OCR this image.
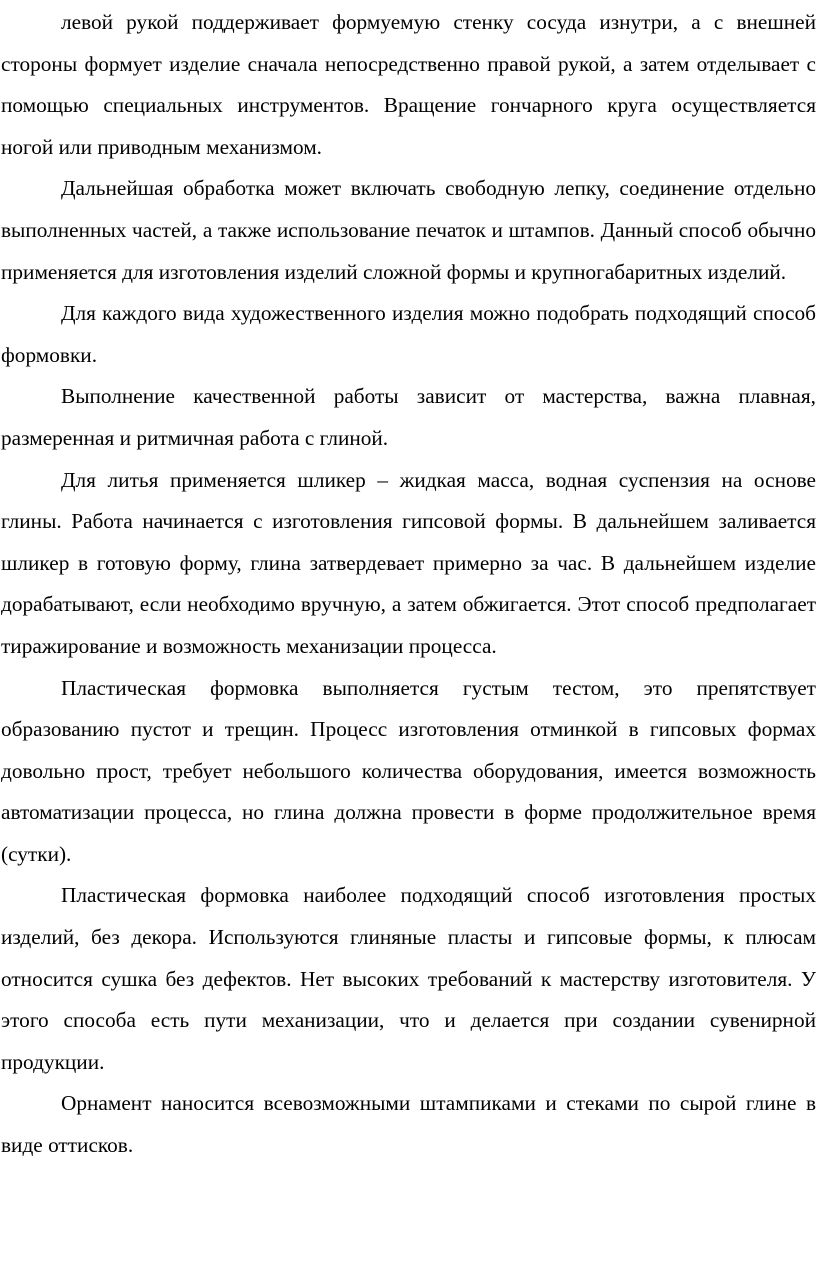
левой рукой поддерживает формуемую стенку сосуда изнутри, а с внешней стороны формует изделие сначала непосредственно правой рукой, а затем отделывает с помощью специальных инструментов. Вращение гончарного круга осуществляется ногой или приводным механизмом.

Дальнейшая обработка может включать свободную лепку, соединение отдельно выполненных частей, а также использование печаток и штампов. Данный способ обычно применяется для изготовления изделий сложной формы и крупногабаритных изделий.

Для каждого вида художественного изделия можно подобрать подходящий способ формовки.

Выполнение качественной работы зависит от мастерства, важна плавная, размеренная и ритмичная работа с глиной.

Для литья применяется шликер – жидкая масса, водная суспензия на основе глины. Работа начинается с изготовления гипсовой формы. В дальнейшем заливается шликер в готовую форму, глина затвердевает примерно за час. В дальнейшем изделие дорабатывают, если необходимо вручную, а затем обжигается. Этот способ предполагает тиражирование и возможность механизации процесса.

Пластическая формовка выполняется густым тестом, это препятствует образованию пустот и трещин. Процесс изготовления отминкой в гипсовых формах довольно прост, требует небольшого количества оборудования, имеется возможность автоматизации процесса, но глина должна провести в форме продолжительное время (сутки).

Пластическая формовка наиболее подходящий способ изготовления простых изделий, без декора. Используются глиняные пласты и гипсовые формы, к плюсам относится сушка без дефектов. Нет высоких требований к мастерству изготовителя. У этого способа есть пути механизации, что и делается при создании сувенирной продукции.

Орнамент наносится всевозможными штампиками и стеками по сырой глине в виде оттисков.
